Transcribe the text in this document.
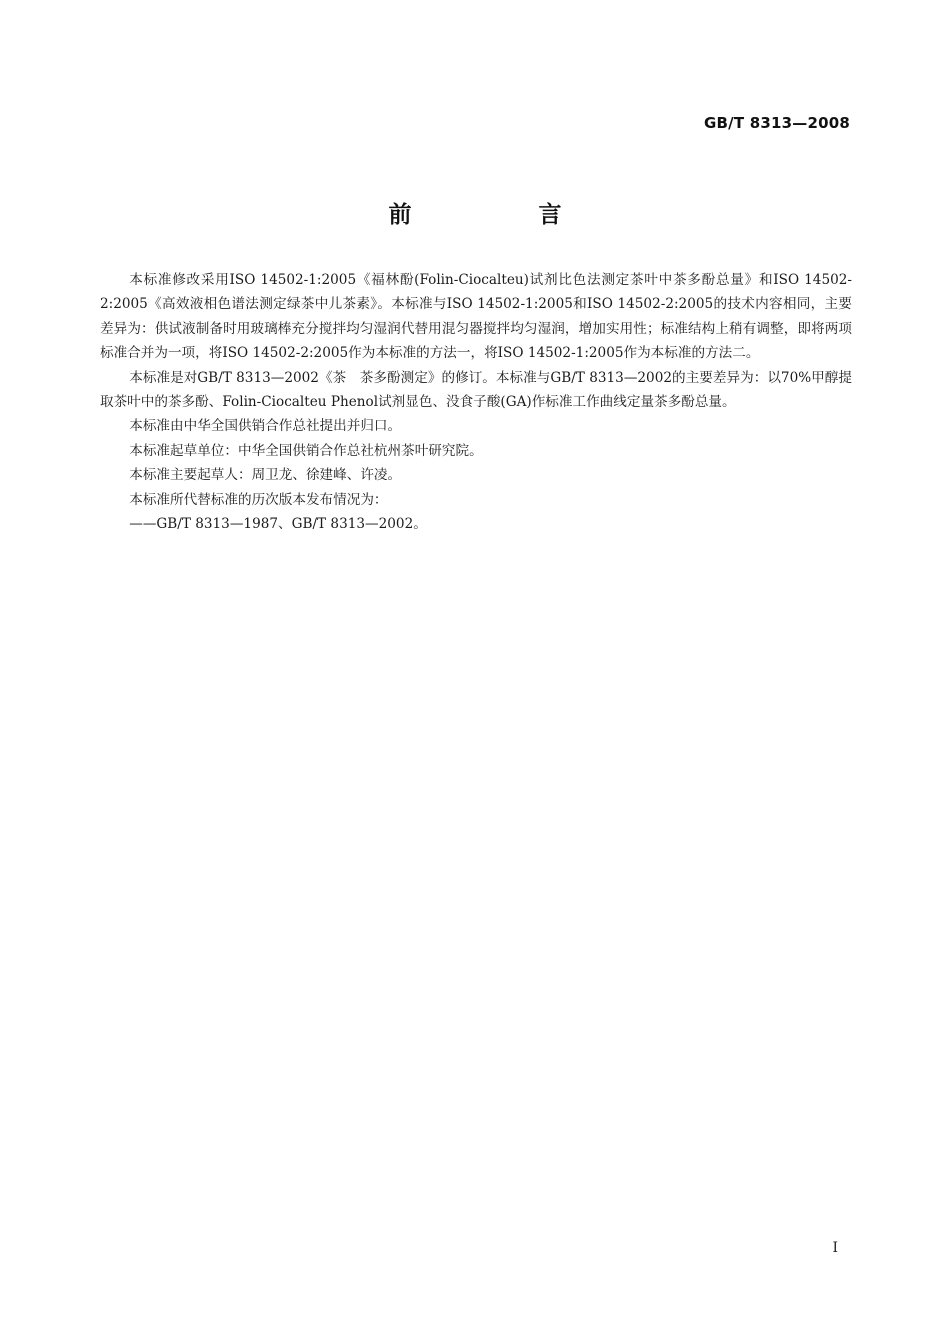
GB/T 8313—2008
前　言

本标准修改采用ISO 14502-1:2005《福林酚(Folin-Ciocalteu)试剂比色法测定茶叶中茶多酚总量》和ISO 14502-2:2005《高效液相色谱法测定绿茶中儿茶素》。本标准与ISO 14502-1:2005和ISO 14502-2:2005的技术内容相同，主要差异为：供试液制备时用玻璃棒充分搅拌均匀湿润代替用混匀器搅拌均匀湿润，增加实用性；标准结构上稍有调整，即将两项标准合并为一项，将ISO 14502-2:2005作为本标准的方法一，将ISO 14502-1:2005作为本标准的方法二。

本标准是对GB/T 8313—2002《茶　茶多酚测定》的修订。本标准与GB/T 8313—2002的主要差异为：以70%甲醇提取茶叶中的茶多酚、Folin-Ciocalteu Phenol试剂显色、没食子酸(GA)作标准工作曲线定量茶多酚总量。

本标准由中华全国供销合作总社提出并归口。

本标准起草单位：中华全国供销合作总社杭州茶叶研究院。

本标准主要起草人：周卫龙、徐建峰、许凌。

本标准所代替标准的历次版本发布情况为：

——GB/T 8313—1987、GB/T 8313—2002。

I
